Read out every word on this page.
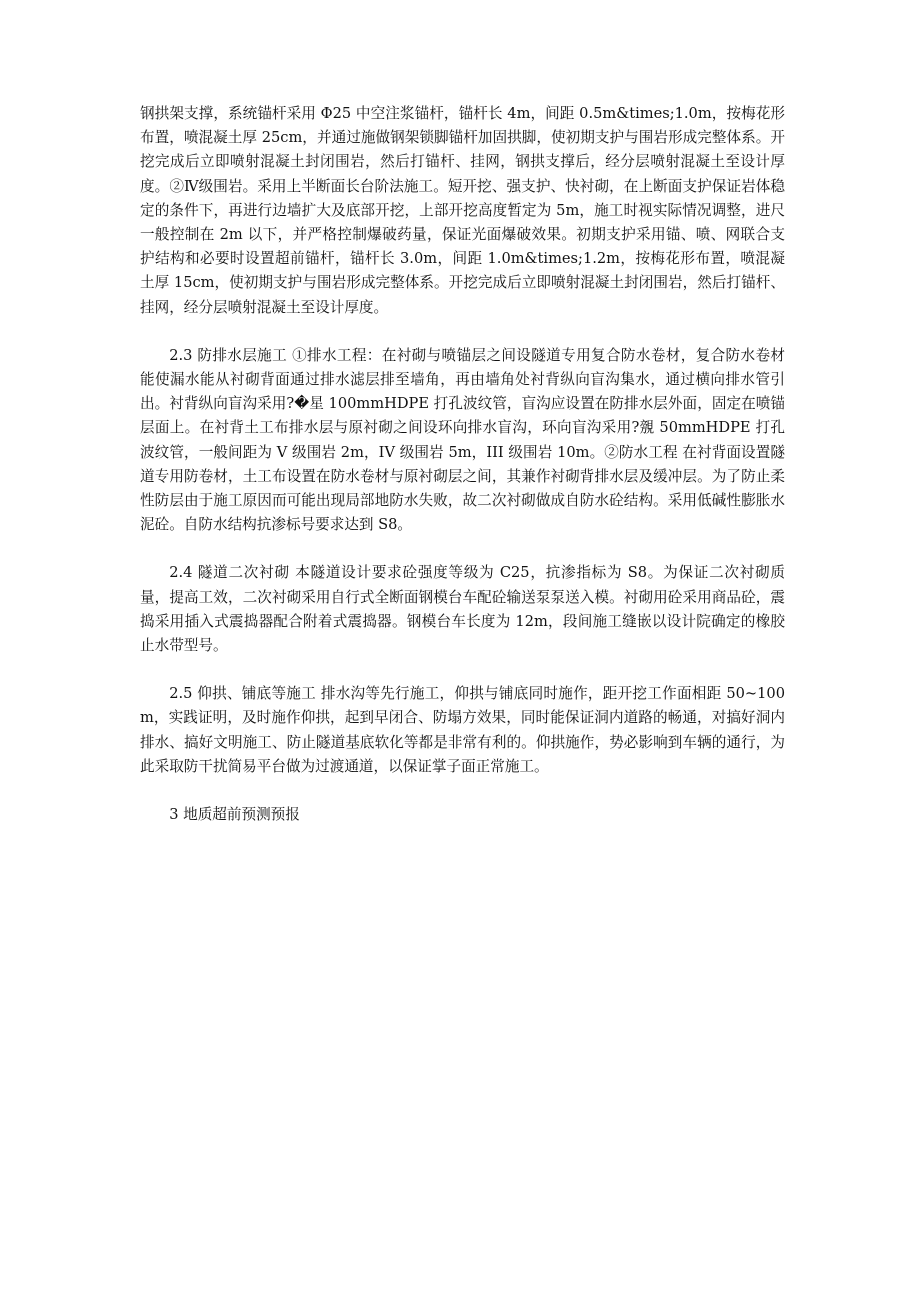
钢拱架支撑，系统锚杆采用 Φ25 中空注浆锚杆，锚杆长 4m，间距 0.5m&times;1.0m，按梅花形布置，喷混凝土厚 25cm，并通过施做钢架锁脚锚杆加固拱脚，使初期支护与围岩形成完整体系。开挖完成后立即喷射混凝土封闭围岩，然后打锚杆、挂网，钢拱支撑后，经分层喷射混凝土至设计厚度。②Ⅳ级围岩。采用上半断面长台阶法施工。短开挖、强支护、快衬砌，在上断面支护保证岩体稳定的条件下，再进行边墙扩大及底部开挖，上部开挖高度暂定为 5m，施工时视实际情况调整，进尺一般控制在 2m 以下，并严格控制爆破药量，保证光面爆破效果。初期支护采用锚、喷、网联合支护结构和必要时设置超前锚杆，锚杆长 3.0m，间距 1.0m&times;1.2m，按梅花形布置，喷混凝土厚 15cm，使初期支护与围岩形成完整体系。开挖完成后立即喷射混凝土封闭围岩，然后打锚杆、挂网，经分层喷射混凝土至设计厚度。

2.3 防排水层施工 ①排水工程：在衬砌与喷锚层之间设隧道专用复合防水卷材，复合防水卷材能使漏水能从衬砌背面通过排水滤层排至墙角，再由墙角处衬背纵向盲沟集水，通过横向排水管引出。衬背纵向盲沟采用?�星 100mmHDPE 打孔波纹管，盲沟应设置在防排水层外面，固定在喷锚层面上。在衬背土工布排水层与原衬砌之间设环向排水盲沟，环向盲沟采用?覫 50mmHDPE 打孔波纹管，一般间距为 V 级围岩 2m，IV 级围岩 5m，III 级围岩 10m。②防水工程 在衬背面设置隧道专用防卷材，土工布设置在防水卷材与原衬砌层之间，其兼作衬砌背排水层及缓冲层。为了防止柔性防层由于施工原因而可能出现局部地防水失败，故二次衬砌做成自防水砼结构。采用低碱性膨胀水泥砼。自防水结构抗渗标号要求达到 S8。

2.4 隧道二次衬砌 本隧道设计要求砼强度等级为 C25，抗渗指标为 S8。为保证二次衬砌质量，提高工效，二次衬砌采用自行式全断面钢模台车配砼输送泵泵送入模。衬砌用砼采用商品砼，震捣采用插入式震捣器配合附着式震捣器。钢模台车长度为 12m，段间施工缝嵌以设计院确定的橡胶止水带型号。

2.5 仰拱、铺底等施工 排水沟等先行施工，仰拱与铺底同时施作，距开挖工作面相距 50~100m，实践证明，及时施作仰拱，起到早闭合、防塌方效果，同时能保证洞内道路的畅通，对搞好洞内排水、搞好文明施工、防止隧道基底软化等都是非常有利的。仰拱施作，势必影响到车辆的通行，为此采取防干扰简易平台做为过渡通道，以保证掌子面正常施工。

3 地质超前预测预报
